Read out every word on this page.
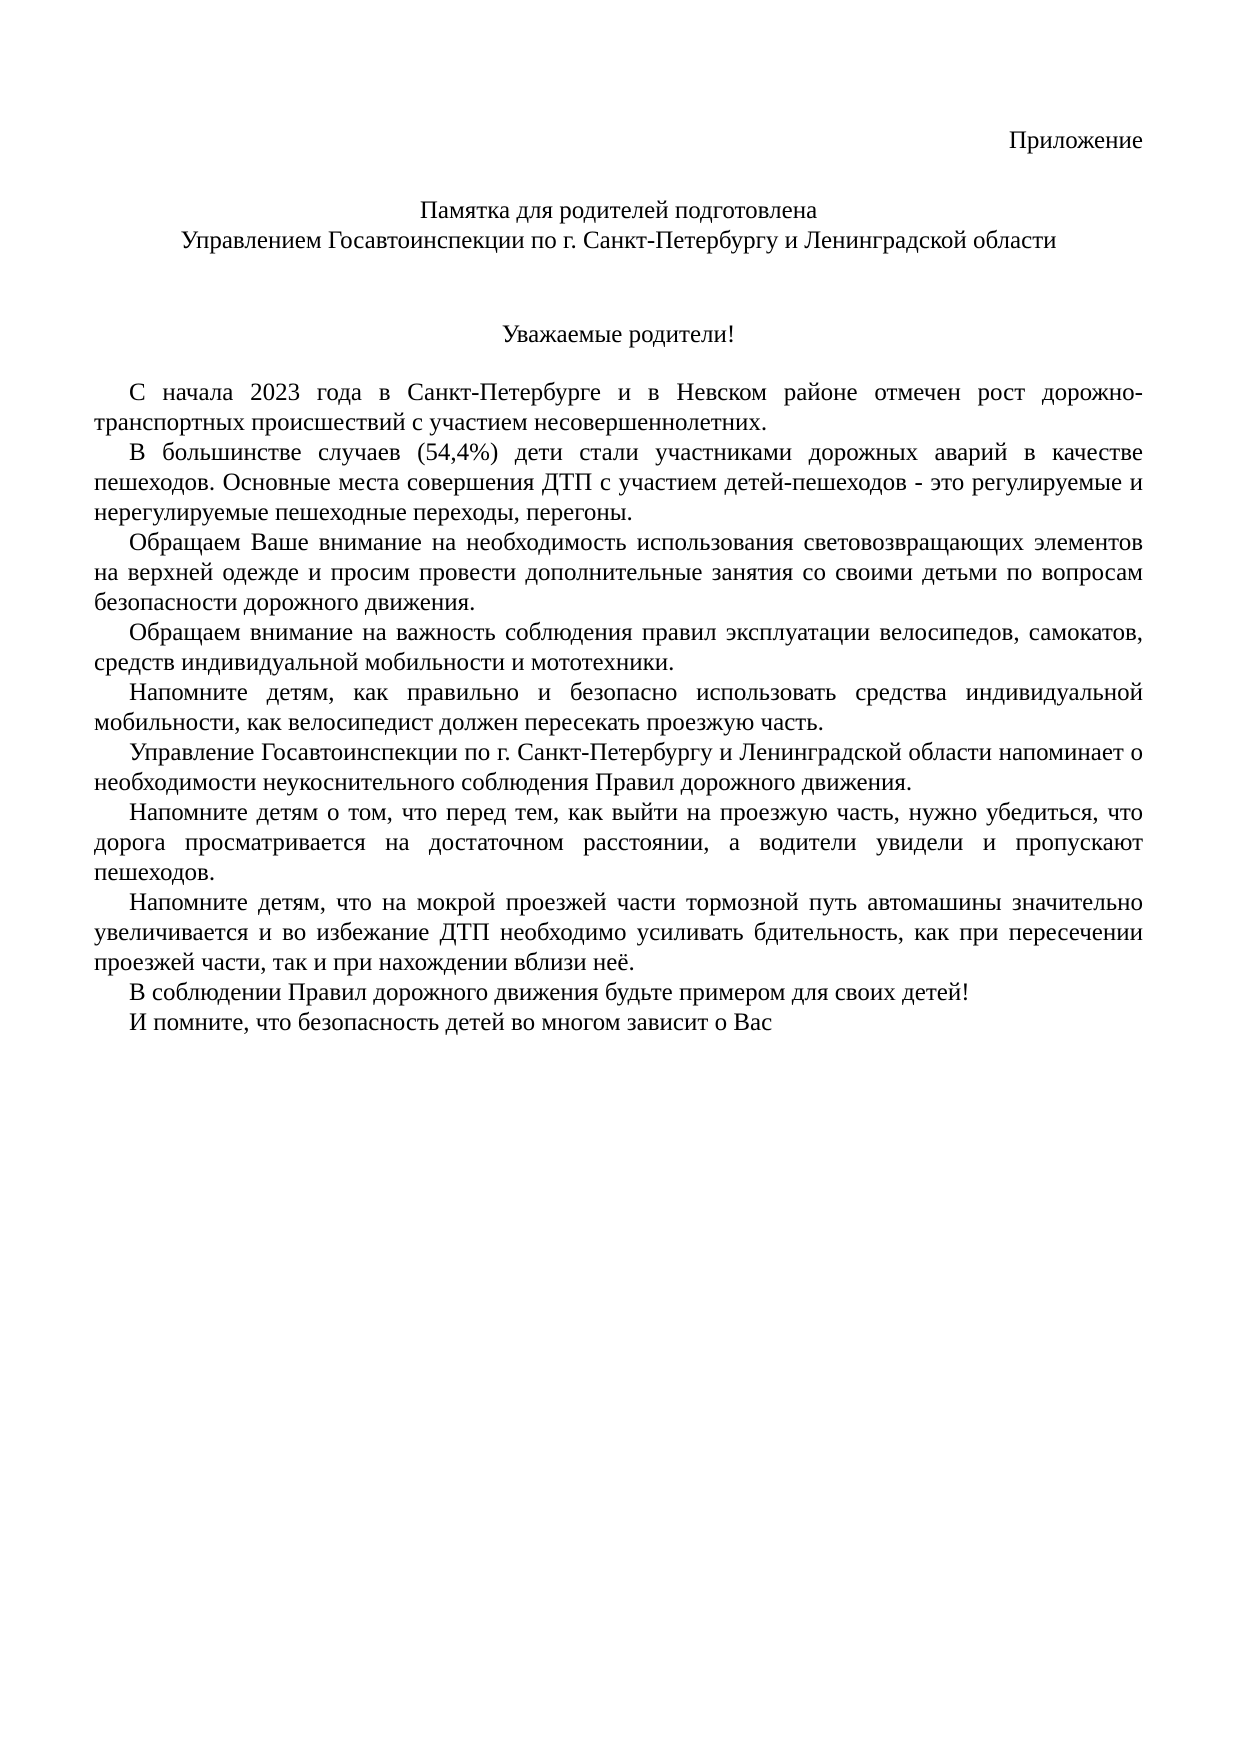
Приложение
Памятка для родителей подготовлена
Управлением Госавтоинспекции по г. Санкт-Петербургу и Ленинградской области
Уважаемые родители!

С начала 2023 года в Санкт-Петербурге и в Невском районе отмечен рост дорожно-транспортных происшествий с участием несовершеннолетних.

В большинстве случаев (54,4%) дети стали участниками дорожных аварий в качестве пешеходов. Основные места совершения ДТП с участием детей-пешеходов - это регулируемые и нерегулируемые пешеходные переходы, перегоны.

Обращаем Ваше внимание на необходимость использования световозвращающих элементов на верхней одежде и просим провести дополнительные занятия со своими детьми по вопросам безопасности дорожного движения.

Обращаем внимание на важность соблюдения правил эксплуатации велосипедов, самокатов, средств индивидуальной мобильности и мототехники.

Напомните детям, как правильно и безопасно использовать средства индивидуальной мобильности, как велосипедист должен пересекать проезжую часть.

Управление Госавтоинспекции по г. Санкт-Петербургу и Ленинградской области напоминает о необходимости неукоснительного соблюдения Правил дорожного движения.

Напомните детям о том, что перед тем, как выйти на проезжую часть, нужно убедиться, что дорога просматривается на достаточном расстоянии, а водители увидели и пропускают пешеходов.

Напомните детям, что на мокрой проезжей части тормозной путь автомашины значительно увеличивается и во избежание ДТП необходимо усиливать бдительность, как при пересечении проезжей части, так и при нахождении вблизи неё.

В соблюдении Правил дорожного движения будьте примером для своих детей!

И помните, что безопасность детей во многом зависит о Вас
